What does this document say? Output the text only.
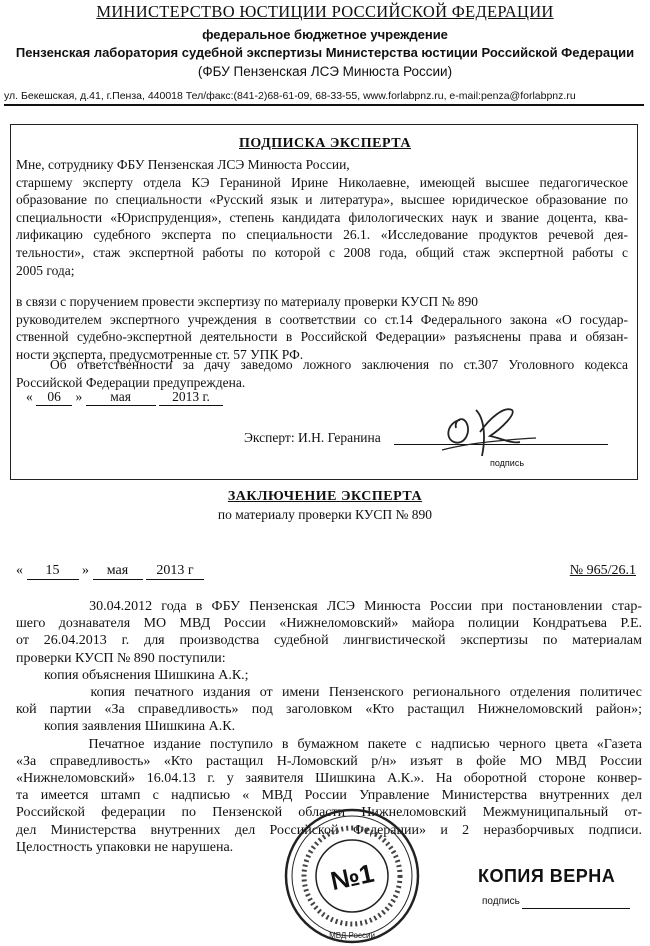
МИНИСТЕРСТВО ЮСТИЦИИ РОССИЙСКОЙ ФЕДЕРАЦИИ
федеральное бюджетное учреждение
Пензенская лаборатория судебной экспертизы Министерства юстиции Российской Федерации
(ФБУ Пензенская ЛСЭ Минюста России)
ул. Бекешская, д.41, г.Пенза, 440018 Тел/факс:(841-2)68-61-09, 68-33-55, www.forlabpnz.ru, e-mail:penza@forlabpnz.ru
ПОДПИСКА ЭКСПЕРТА
Мне, сотруднику ФБУ Пензенская ЛСЭ Минюста России,
старшему эксперту отдела КЭ Гераниной Ирине Николаевне, имеющей высшее педагогическое
образование по специальности «Русский язык и литература», высшее юридическое образование по
специальности «Юриспруденция», степень кандидата филологических наук и звание доцента, ква-
лификацию судебного эксперта по специальности 26.1. «Исследование продуктов речевой дея-
тельности», стаж экспертной работы по которой с 2008 года, общий стаж экспертной работы с
2005 года;
в связи с поручением провести экспертизу по материалу проверки КУСП № 890
руководителем экспертного учреждения в соответствии со ст.14 Федерального закона «О государ-
ственной судебно-экспертной деятельности в Российской Федерации» разъяснены права и обязан-
ности эксперта, предусмотренные ст. 57 УПК РФ.
Об ответственности за дачу заведомо ложного заключения по ст.307 Уголовного кодекса
Российской Федерации предупреждена.
« 06 » мая	2013 г.
Эксперт: И.Н. Геранина
подпись
ЗАКЛЮЧЕНИЕ ЭКСПЕРТА
по материалу проверки КУСП № 890
« 15 » мая 2013 г	№ 965/26.1
30.04.2012 года в ФБУ Пензенская ЛСЭ Минюста России при постановлении стар-
шего дознавателя МО МВД России «Нижнеломовский» майора полиции Кондратьева Р.Е.
от 26.04.2013 г. для производства судебной лингвистической экспертизы по материалам
проверки КУСП № 890 поступили:
копия объяснения Шишкина А.К.;
копия печатного издания от имени Пензенского регионального отделения политичес
кой партии «За справедливость» под заголовком «Кто растащил Нижнеломовский район»;
копия заявления Шишкина А.К.
Печатное издание поступило в бумажном пакете с надписью черного цвета «Газета
«За справедливость» «Кто растащил Н-Ломовский р/н» изъят в фойе МО МВД России
«Нижнеломовский» 16.04.13 г. у заявителя Шишкина А.К.». На оборотной стороне конвер-
та имеется штамп с надписью « МВД России Управление Министерства внутренних дел
Российской федерации по Пензенской области Нижнеломовский Межмуниципальный от-
дел Министерства внутренних дел Российской Федерации» и 2 неразборчивых подписи.
Целостность упаковки не нарушена.
МВД России
№1	КОПИЯ ВЕРНА
подпись
